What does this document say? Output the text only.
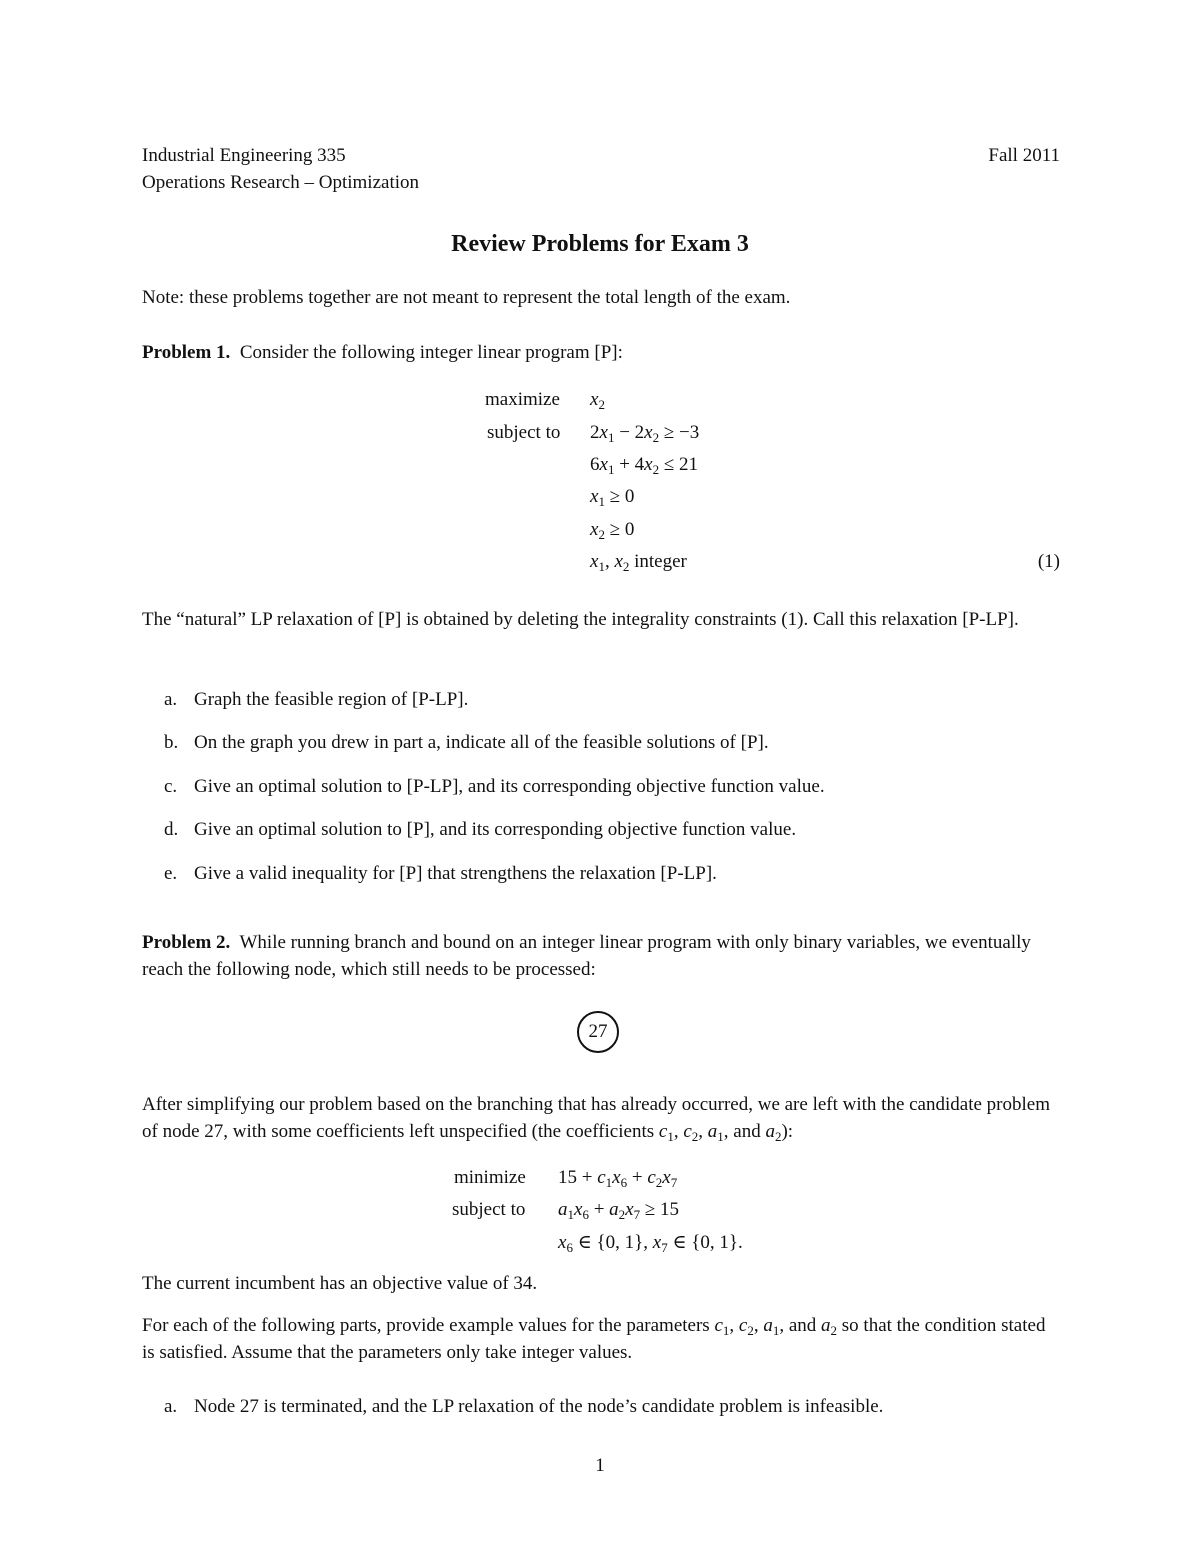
Industrial Engineering 335
Operations Research – Optimization
Fall 2011
Review Problems for Exam 3
Note: these problems together are not meant to represent the total length of the exam.
Problem 1. Consider the following integer linear program [P]:
maximize $x_2$
subject to $2x_1 - 2x_2 \ge -3$
$6x_1 + 4x_2 \le 21$
$x_1 \ge 0$
$x_2 \ge 0$
$x_1$, $x_2$ integer	(1)
The “natural” LP relaxation of [P] is obtained by deleting the integrality constraints (1). Call this relaxation [P-LP].
a. Graph the feasible region of [P-LP].
b. On the graph you drew in part a, indicate all of the feasible solutions of [P].
c. Give an optimal solution to [P-LP], and its corresponding objective function value.
d. Give an optimal solution to [P], and its corresponding objective function value.
e. Give a valid inequality for [P] that strengthens the relaxation [P-LP].
Problem 2. While running branch and bound on an integer linear program with only binary variables, we eventually reach the following node, which still needs to be processed:
27
After simplifying our problem based on the branching that has already occurred, we are left with the candidate problem of node 27, with some coefficients left unspecified (the coefficients $c_1$, $c_2$, $a_1$, and $a_2$):
minimize $15 + c_1x_6 + c_2x_7$
subject to $a_1x_6 + a_2x_7 \ge 15$
$x_6$ ∈ {0, 1}, $x_7$ ∈ {0, 1}.
The current incumbent has an objective value of 34.
For each of the following parts, provide example values for the parameters $c_1$, $c_2$, $a_1$, and $a_2$ so that the condition stated is satisfied. Assume that the parameters only take integer values.
a. Node 27 is terminated, and the LP relaxation of the node’s candidate problem is infeasible.
1
